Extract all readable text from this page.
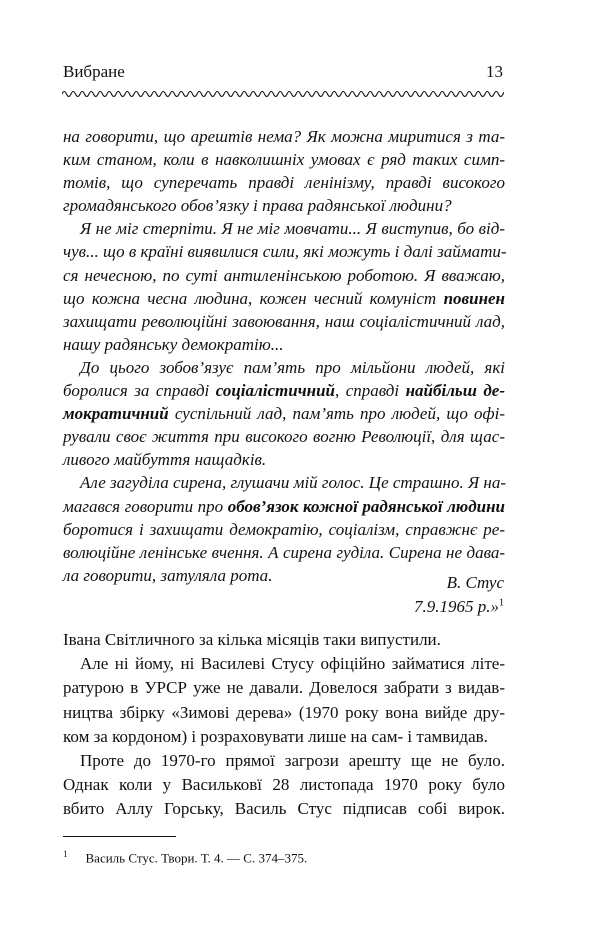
Вибране	13
на говорити, що арештів нема? Як можна миритися з та-
ким станом, коли в навколишніх умовах є ряд таких симп-
томів, що суперечать правді ленінізму, правді високого
громадянського обов’язку і права радянської людини?
Я не міг стерпіти. Я не міг мовчати... Я виступив, бо від-
чув... що в країні виявилися сили, які можуть і далі займати-
ся нечесною, по суті антиленінською роботою. Я вважаю,
що кожна чесна людина, кожен чесний комуніст повинен
захищати революційні завоювання, наш соціалістичний лад,
нашу радянську демократію...
До цього зобов’язує пам’ять про мільйони людей, які
боролися за справді соціалістичний, справді найбільш де-
мократичний суспільний лад, пам’ять про людей, що офі-
рували своє життя при високого вогню Революції, для щас-
ливого майбуття нащадків.
Але загуділа сирена, глушачи мій голос. Це страшно. Я на-
магався говорити про обов’язок кожної радянської людини
боротися і захищати демократію, соціалізм, справжнє ре-
волюційне ленінське вчення. А сирена гуділа. Сирена не дава-
ла говорити, затуляла рота.	В. Стус
7.9.1965 р.»$^1$
Івана Світличного за кілька місяців таки випустили.
Але ні йому, ні Василеві Стусу офіційно займатися літе-
ратурою в УРСР уже не давали. Довелося забрати з видав-
ництва збірку «Зимові дерева» (1970 року вона вийде дру-
ком за кордоном) і розраховувати лише на сам- і тамвидав.
Проте до 1970-го прямої загрози арешту ще не було.
Однак коли у Васильковї 28 листопада 1970 року було
вбито Аллу Горську, Василь Стус підписав собі вирок.
$^1$ Василь Стус. Твори. Т. 4. — С. 374–375.
